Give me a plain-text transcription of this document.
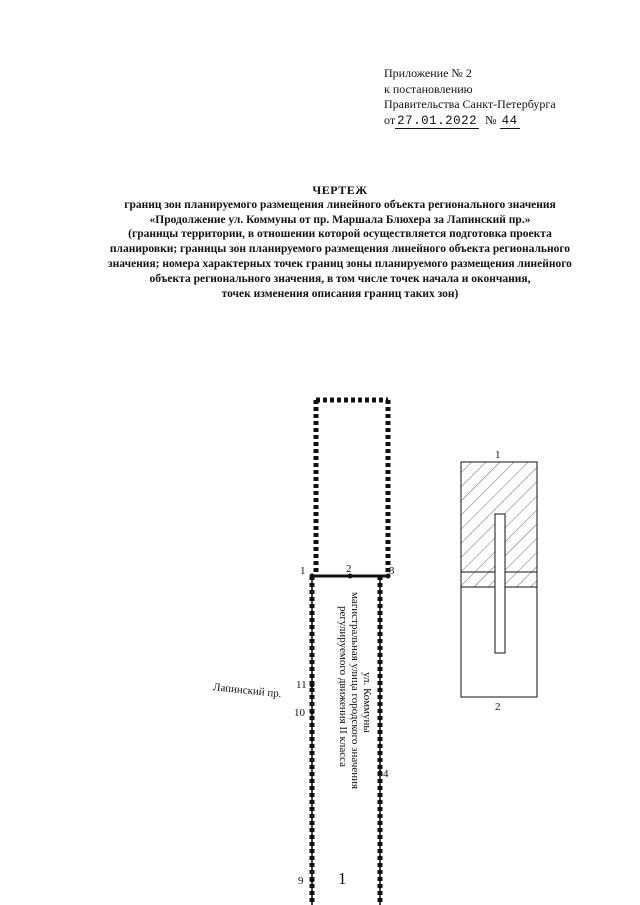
Приложение № 2
к постановлению
Правительства Санкт-Петербурга
от 27.01.2022 № 44
ЧЕРТЕЖ
границ зон планируемого размещения линейного объекта регионального значения
«Продолжение ул. Коммуны от пр. Маршала Блюхера за Лапинский пр.»
(границы территории, в отношении которой осуществляется подготовка проекта
планировки; границы зон планируемого размещения линейного объекта регионального
значения; номера характерных точек границ зоны планируемого размещения линейного
объекта регионального значения, в том числе точек начала и окончания,
точек изменения описания границ таких зон)
1	2	3
4
9
10
11	ул. Коммуны
магистральная улица городского значения
регулируемого движения II класса
Лапинский пр.
1
1
2
